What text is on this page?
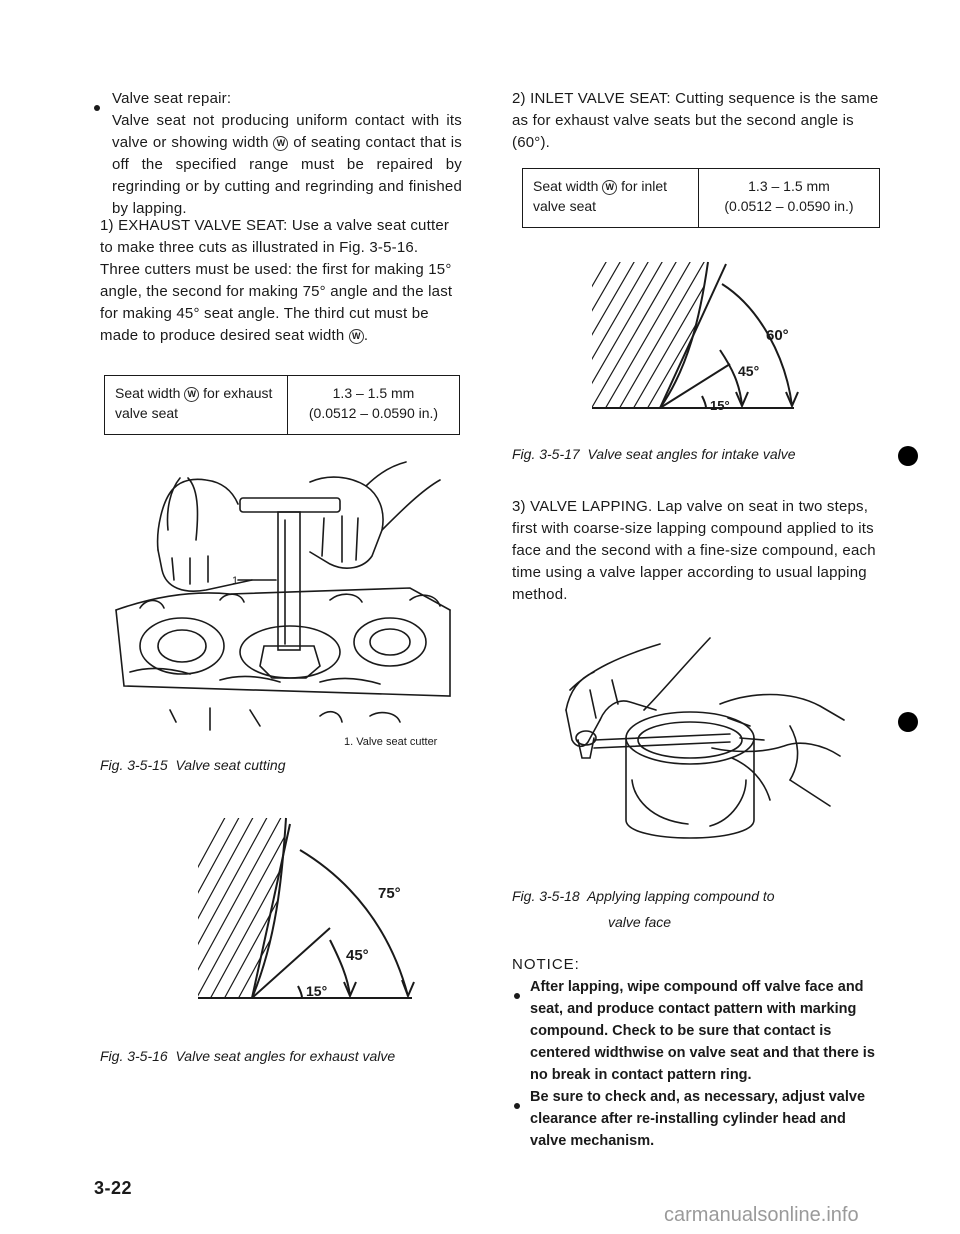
Valve seat repair:
Valve seat not producing uniform contact with its valve or showing width W of seating contact that is off the specified range must be repaired by regrinding or by cutting and regrinding and finished by lapping.
1) EXHAUST VALVE SEAT: Use a valve seat cutter to make three cuts as illustrated in Fig. 3-5-16. Three cutters must be used: the first for making 15° angle, the second for making 75° angle and the last for making 45° seat angle. The third cut must be made to produce desired seat width W .
Seat width W for exhaust valve seat
1.3 – 1.5 mm
(0.0512 – 0.0590 in.)
1
1. Valve seat cutter
Fig. 3-5-15 Valve seat cutting
75°
45°
15°
Fig. 3-5-16 Valve seat angles for exhaust valve
3-22
2) INLET VALVE SEAT: Cutting sequence is the same as for exhaust valve seats but the second angle is (60°).
Seat width W for inlet valve seat
1.3 – 1.5 mm
(0.0512 – 0.0590 in.)
60°
45°
15°
Fig. 3-5-17 Valve seat angles for intake valve
3) VALVE LAPPING. Lap valve on seat in two steps, first with coarse-size lapping compound applied to its face and the second with a fine-size compound, each time using a valve lapper according to usual lapping method.
Fig. 3-5-18 Applying lapping compound to
valve face
NOTICE:
After lapping, wipe compound off valve face and seat, and produce contact pattern with marking compound. Check to be sure that contact is centered widthwise on valve seat and that there is no break in contact pattern ring.
Be sure to check and, as necessary, adjust valve clearance after re-installing cylinder head and valve mechanism.
carmanualsonline.info
